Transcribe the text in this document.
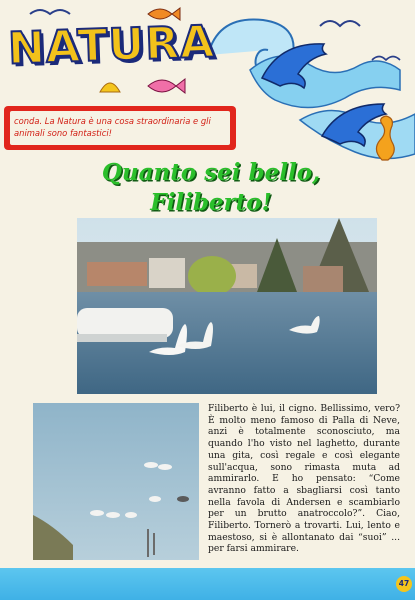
NATURA

conda. La Natura è una cosa straordinaria e gli animali sono fantastici!

Quanto sei bello,
Filiberto!

Filiberto è lui, il cigno. Bellissimo, vero? È molto meno famoso di Palla di Neve, anzi è totalmente sconosciuto, ma quando l'ho visto nel laghetto, durante una gita, così regale e così elegante sull'acqua, sono rimasta muta ad ammirarlo. E ho pensato: “Come avranno fatto a sbagliarsi così tanto nella favola di Andersen e scambiarlo per un brutto anatroccolo?”. Ciao, Filiberto. Tornerò a trovarti. Lui, lento e maestoso, si è allontanato dai “suoi” ... per farsi ammirare.

47
